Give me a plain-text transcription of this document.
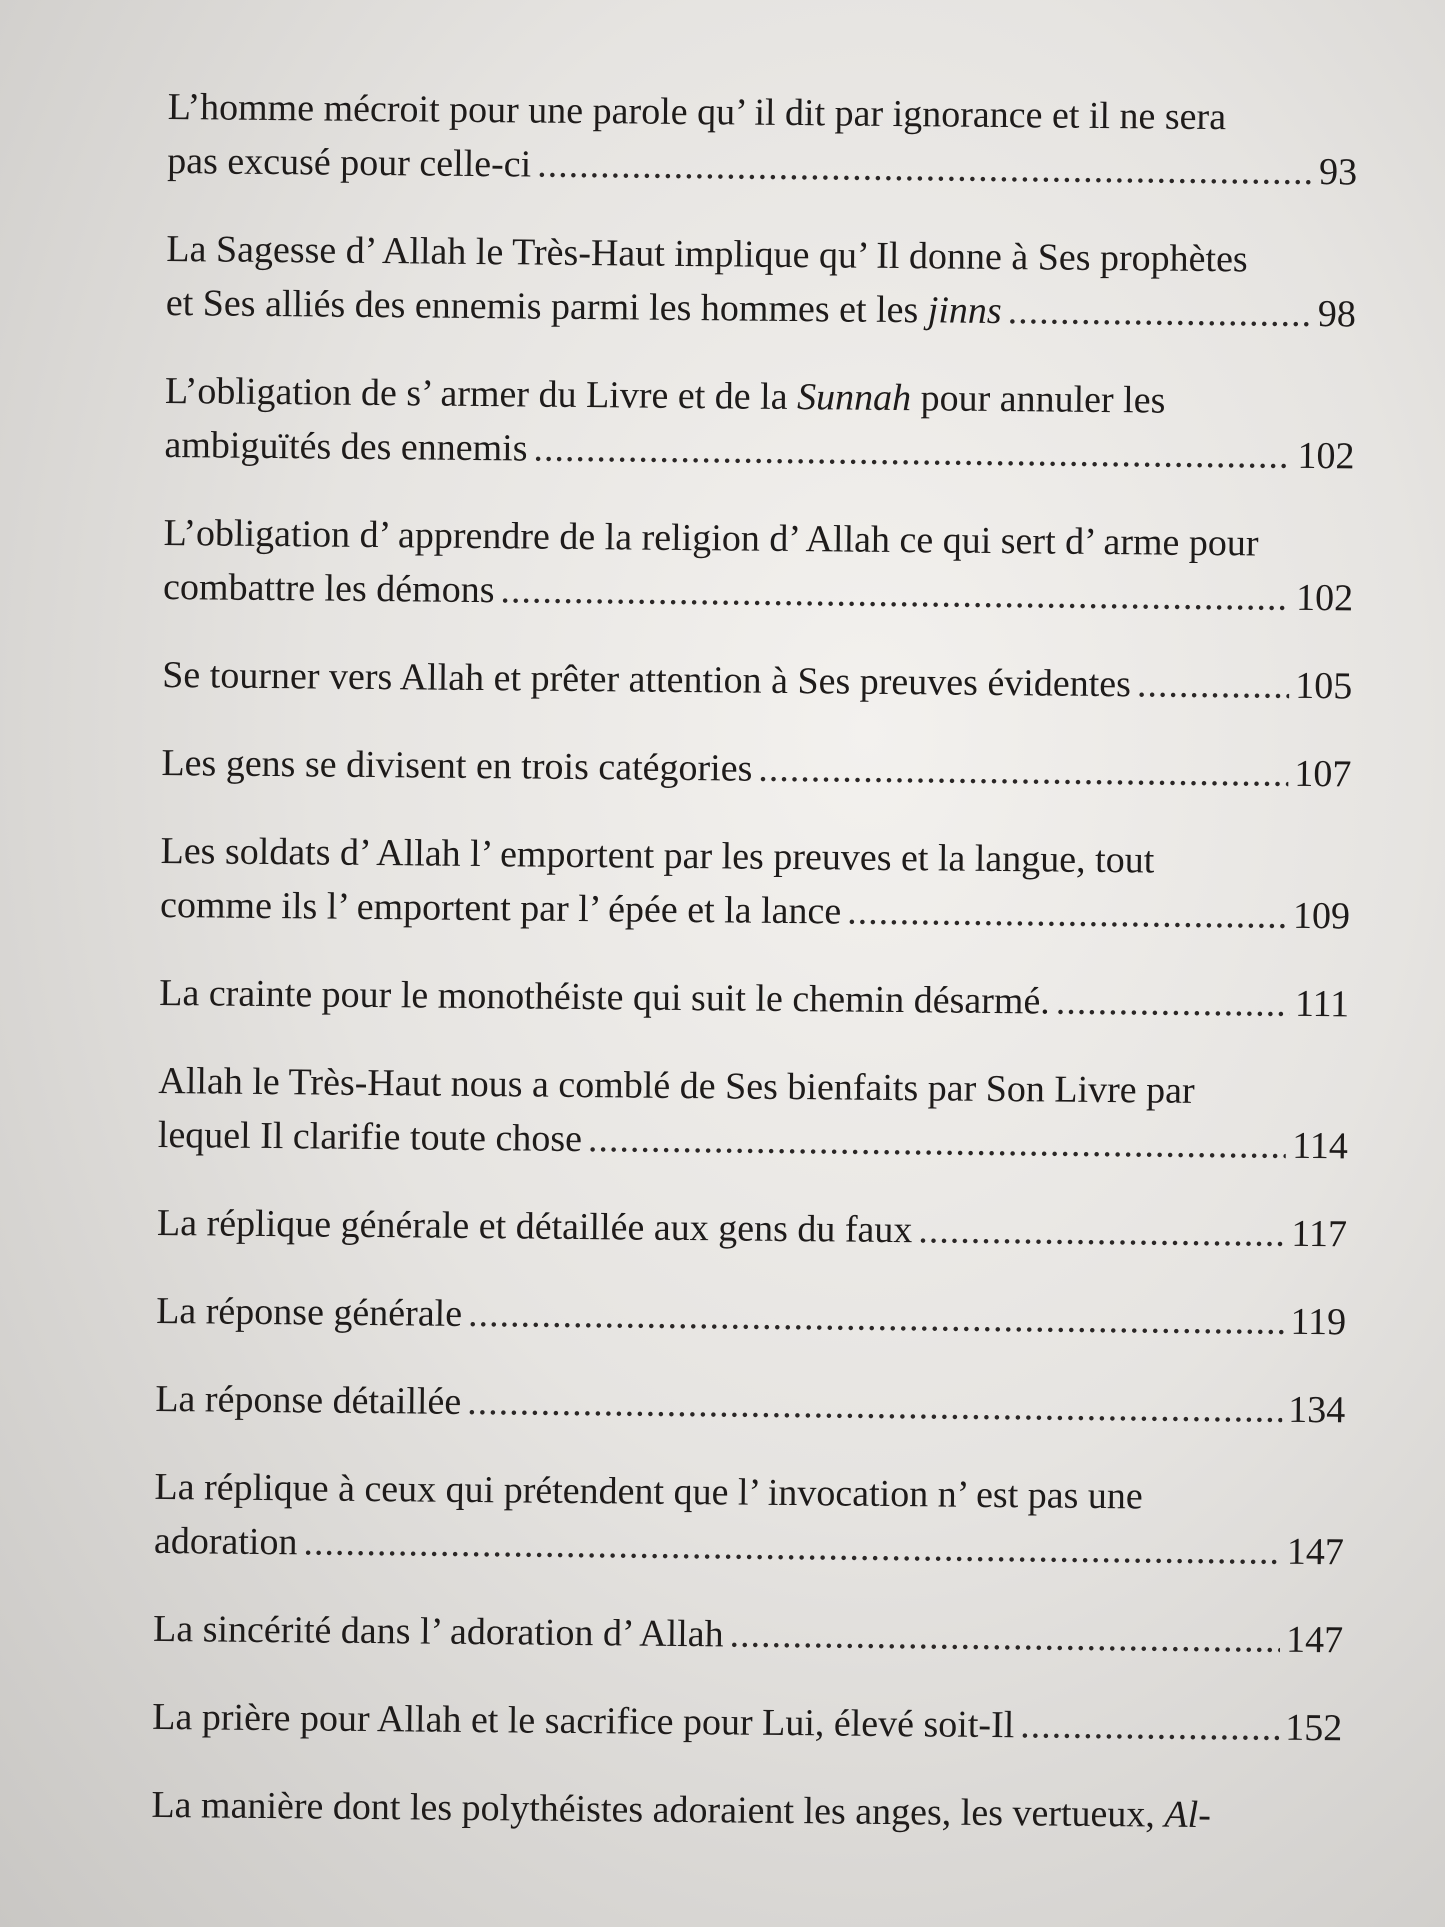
L’homme mécroit pour une parole qu’ il dit par ignorance et il ne sera
pas excusé pour celle-ci .....	93
La Sagesse d’ Allah le Très-Haut implique qu’ Il donne à Ses prophètes
et Ses alliés des ennemis parmi les hommes et les jinns .....	98
L’obligation de s’ armer du Livre et de la Sunnah pour annuler les
ambiguïtés des ennemis .....	102
L’obligation d’ apprendre de la religion d’ Allah ce qui sert d’ arme pour
combattre les démons .....	102
Se tourner vers Allah et prêter attention à Ses preuves évidentes .....	105
Les gens se divisent en trois catégories .....	107
Les soldats d’ Allah l’ emportent par les preuves et la langue, tout
comme ils l’ emportent par l’ épée et la lance .....	109
La crainte pour le monothéiste qui suit le chemin désarmé. .....	111
Allah le Très-Haut nous a comblé de Ses bienfaits par Son Livre par
lequel Il clarifie toute chose .....	114
La réplique générale et détaillée aux gens du faux .....	117
La réponse générale .....	119
La réponse détaillée .....	134
La réplique à ceux qui prétendent que l’ invocation n’ est pas une
adoration .....	147
La sincérité dans l’ adoration d’ Allah .....	147
La prière pour Allah et le sacrifice pour Lui, élevé soit-Il .....	152
La manière dont les polythéistes adoraient les anges, les vertueux, Al-
